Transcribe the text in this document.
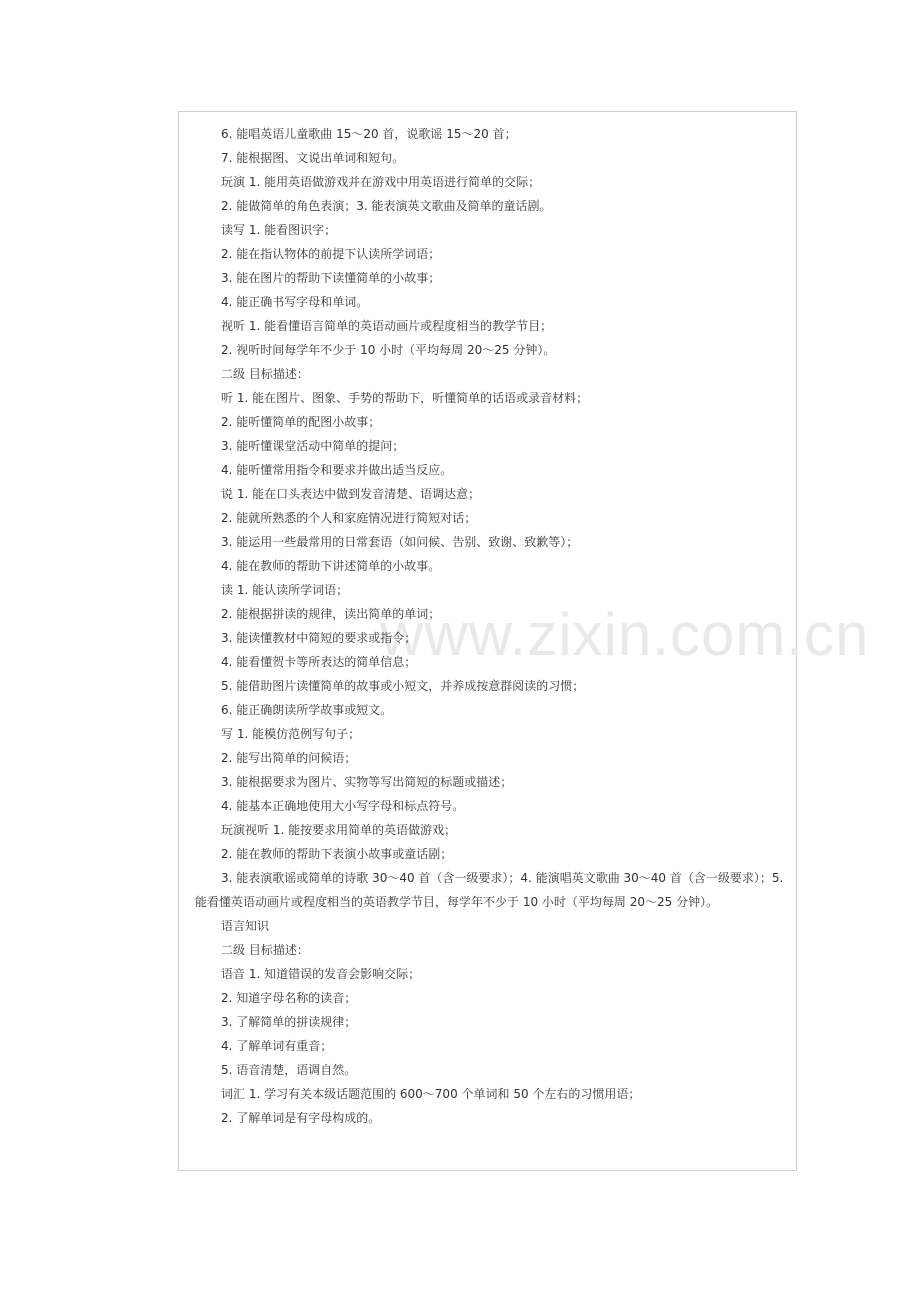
www.zixin.com.cn
6. 能唱英语儿童歌曲 15～20 首，说歌谣 15～20 首；
7. 能根据图、文说出单词和短句。
玩演 1. 能用英语做游戏并在游戏中用英语进行简单的交际；
2. 能做简单的角色表演；3. 能表演英文歌曲及简单的童话剧。
读写 1. 能看图识字；
2. 能在指认物体的前提下认读所学词语；
3. 能在图片的帮助下读懂简单的小故事；
4. 能正确书写字母和单词。
视听 1. 能看懂语言简单的英语动画片或程度相当的教学节目；
2. 视听时间每学年不少于 10 小时（平均每周 20～25 分钟）。
二级 目标描述：
听 1. 能在图片、图象、手势的帮助下，听懂简单的话语或录音材料；
2. 能听懂简单的配图小故事；
3. 能听懂课堂活动中简单的提问；
4. 能听懂常用指令和要求并做出适当反应。
说 1. 能在口头表达中做到发音清楚、语调达意；
2. 能就所熟悉的个人和家庭情况进行简短对话；
3. 能运用一些最常用的日常套语（如问候、告别、致谢、致歉等）；
4. 能在教师的帮助下讲述简单的小故事。
读 1. 能认读所学词语；
2. 能根据拼读的规律，读出简单的单词；
3. 能读懂教材中简短的要求或指令；
4. 能看懂贺卡等所表达的简单信息；
5. 能借助图片读懂简单的故事或小短文，并养成按意群阅读的习惯；
6. 能正确朗读所学故事或短文。
写 1. 能模仿范例写句子；
2. 能写出简单的问候语；
3. 能根据要求为图片、实物等写出简短的标题或描述；
4. 能基本正确地使用大小写字母和标点符号。
玩演视听 1. 能按要求用简单的英语做游戏；
2. 能在教师的帮助下表演小故事或童话剧；
3. 能表演歌谣或简单的诗歌 30～40 首（含一级要求）；4. 能演唱英文歌曲 30～40 首（含一级要求）；5. 能看懂英语动画片或程度相当的英语教学节目，每学年不少于 10 小时（平均每周 20～25 分钟）。
语言知识
二级 目标描述：
语音 1. 知道错误的发音会影响交际；
2. 知道字母名称的读音；
3. 了解简单的拼读规律；
4. 了解单词有重音；
5. 语音清楚，语调自然。
词汇 1. 学习有关本级话题范围的 600～700 个单词和 50 个左右的习惯用语；
2. 了解单词是有字母构成的。
